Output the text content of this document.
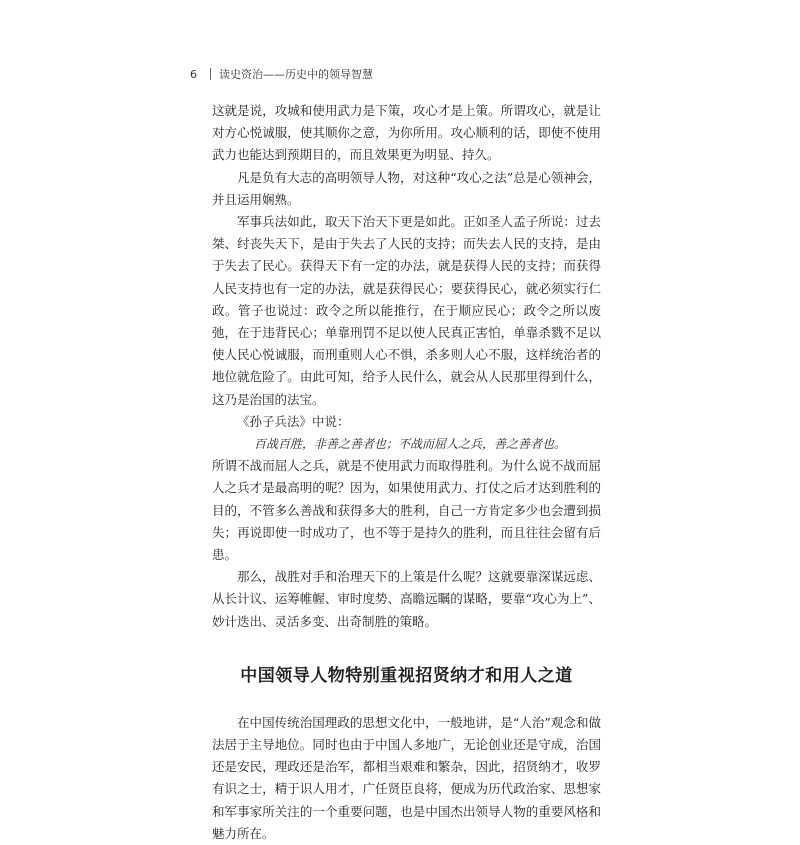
6	读史资治——历史中的领导智慧

这就是说，攻城和使用武力是下策，攻心才是上策。所谓攻心，就是让对方心悦诚服，使其顺你之意，为你所用。攻心顺利的话，即使不使用武力也能达到预期目的，而且效果更为明显、持久。

凡是负有大志的高明领导人物，对这种“攻心之法”总是心领神会，并且运用娴熟。

军事兵法如此，取天下治天下更是如此。正如圣人孟子所说：过去桀、纣丧失天下，是由于失去了人民的支持；而失去人民的支持，是由于失去了民心。获得天下有一定的办法，就是获得人民的支持；而获得人民支持也有一定的办法，就是获得民心；要获得民心，就必须实行仁政。管子也说过：政令之所以能推行，在于顺应民心；政令之所以废弛，在于违背民心；单靠刑罚不足以使人民真正害怕，单靠杀戮不足以使人民心悦诚服，而刑重则人心不惧，杀多则人心不服，这样统治者的地位就危险了。由此可知，给予人民什么，就会从人民那里得到什么，这乃是治国的法宝。

《孙子兵法》中说：

百战百胜，非善之善者也；不战而屈人之兵，善之善者也。

所谓不战而屈人之兵，就是不使用武力而取得胜利。为什么说不战而屈人之兵才是最高明的呢？因为，如果使用武力、打仗之后才达到胜利的目的，不管多么善战和获得多大的胜利，自己一方肯定多少也会遭到损失；再说即使一时成功了，也不等于是持久的胜利，而且往往会留有后患。

那么，战胜对手和治理天下的上策是什么呢？这就要靠深谋远虑、从长计议、运筹帷幄、审时度势、高瞻远瞩的谋略，要靠“攻心为上”、妙计迭出、灵活多变、出奇制胜的策略。

中国领导人物特别重视招贤纳才和用人之道

在中国传统治国理政的思想文化中，一般地讲，是“人治”观念和做法居于主导地位。同时也由于中国人多地广，无论创业还是守成，治国还是安民，理政还是治军，都相当艰难和繁杂，因此，招贤纳才，收罗有识之士，精于识人用才，广任贤臣良将，便成为历代政治家、思想家和军事家所关注的一个重要问题，也是中国杰出领导人物的重要风格和魅力所在。
